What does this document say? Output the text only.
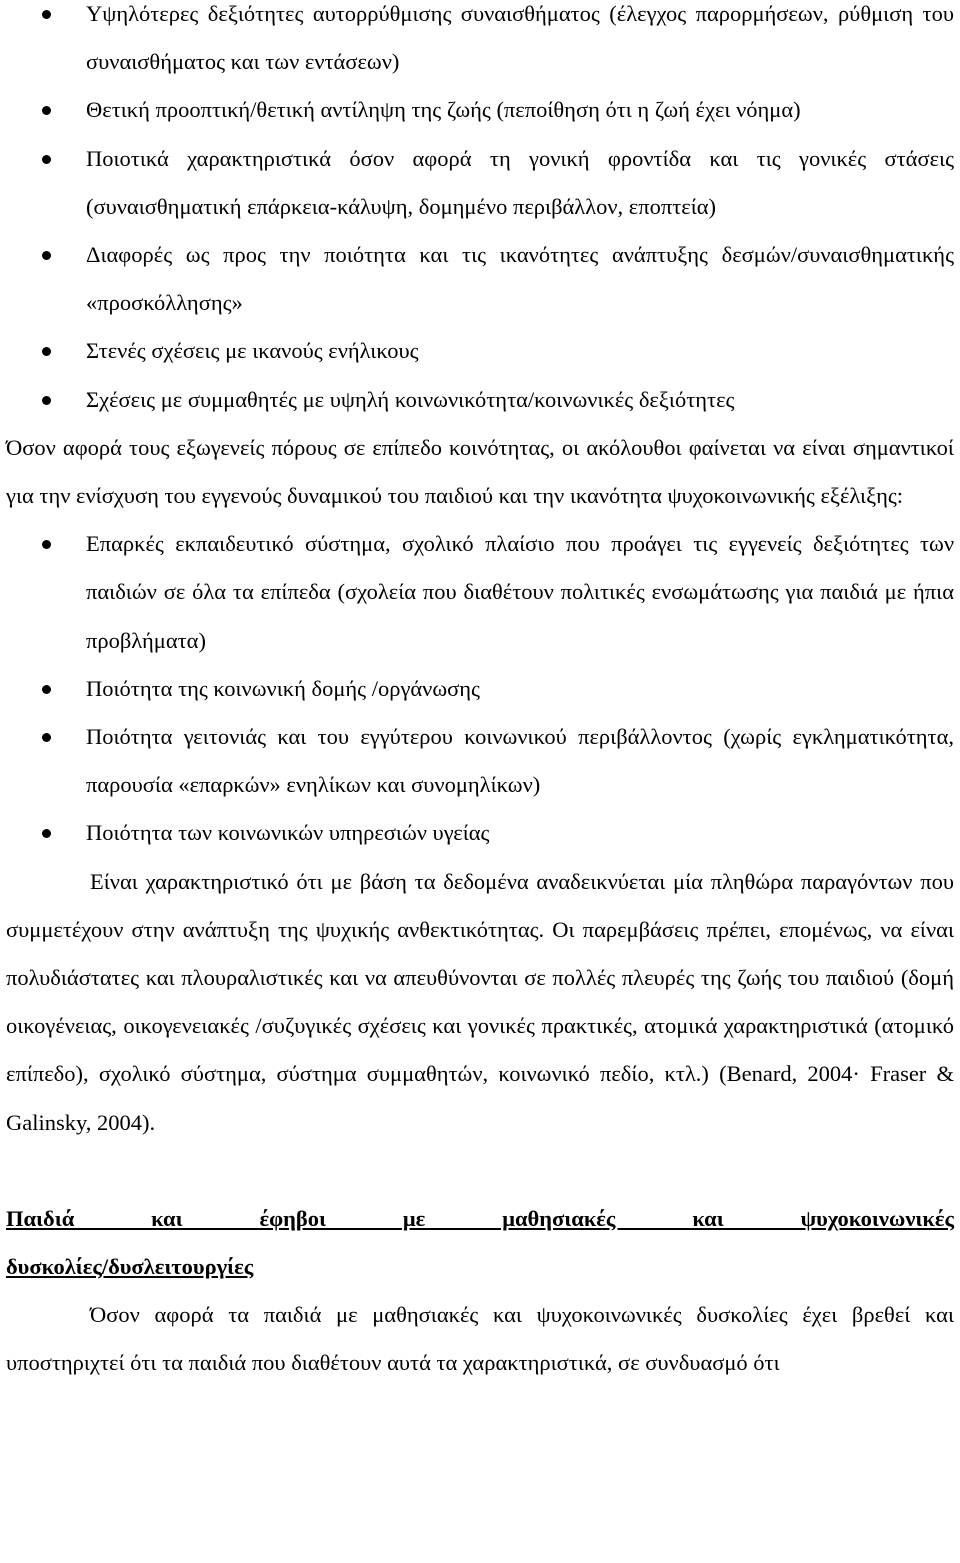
Υψηλότερες δεξιότητες αυτορρύθμισης συναισθήματος (έλεγχος παρορμήσεων, ρύθμιση του συναισθήματος και των εντάσεων)
Θετική προοπτική/θετική αντίληψη της ζωής (πεποίθηση ότι η ζωή έχει νόημα)
Ποιοτικά χαρακτηριστικά όσον αφορά τη γονική φροντίδα και τις γονικές στάσεις (συναισθηματική επάρκεια-κάλυψη, δομημένο περιβάλλον, εποπτεία)
Διαφορές ως προς την ποιότητα και τις ικανότητες ανάπτυξης δεσμών/συναισθηματικής «προσκόλλησης»
Στενές σχέσεις με ικανούς ενήλικους
Σχέσεις με συμμαθητές με υψηλή κοινωνικότητα/κοινωνικές δεξιότητες

Όσον αφορά τους εξωγενείς πόρους σε επίπεδο κοινότητας, οι ακόλουθοι φαίνεται να είναι σημαντικοί για την ενίσχυση του εγγενούς δυναμικού του παιδιού και την ικανότητα ψυχοκοινωνικής εξέλιξης:

Επαρκές εκπαιδευτικό σύστημα, σχολικό πλαίσιο που προάγει τις εγγενείς δεξιότητες των παιδιών σε όλα τα επίπεδα (σχολεία που διαθέτουν πολιτικές ενσωμάτωσης για παιδιά με ήπια προβλήματα)
Ποιότητα της κοινωνική δομής /οργάνωσης
Ποιότητα γειτονιάς και του εγγύτερου κοινωνικού περιβάλλοντος (χωρίς εγκληματικότητα, παρουσία «επαρκών» ενηλίκων και συνομηλίκων)
Ποιότητα των κοινωνικών υπηρεσιών υγείας

Είναι χαρακτηριστικό ότι με βάση τα δεδομένα αναδεικνύεται μία πληθώρα παραγόντων που συμμετέχουν στην ανάπτυξη της ψυχικής ανθεκτικότητας. Οι παρεμβάσεις πρέπει, επομένως, να είναι πολυδιάστατες και πλουραλιστικές και να απευθύνονται σε πολλές πλευρές της ζωής του παιδιού (δομή οικογένειας, οικογενειακές /συζυγικές σχέσεις και γονικές πρακτικές, ατομικά χαρακτηριστικά (ατομικό επίπεδο), σχολικό σύστημα, σύστημα συμμαθητών, κοινωνικό πεδίο, κτλ.) (Benard, 2004· Fraser & Galinsky, 2004).

Παιδιά και έφηβοι με μαθησιακές και ψυχοκοινωνικές

δυσκολίες/δυσλειτουργίες

Όσον αφορά τα παιδιά με μαθησιακές και ψυχοκοινωνικές δυσκολίες έχει βρεθεί και υποστηριχτεί ότι τα παιδιά που διαθέτουν αυτά τα χαρακτηριστικά, σε συνδυασμό ότι
